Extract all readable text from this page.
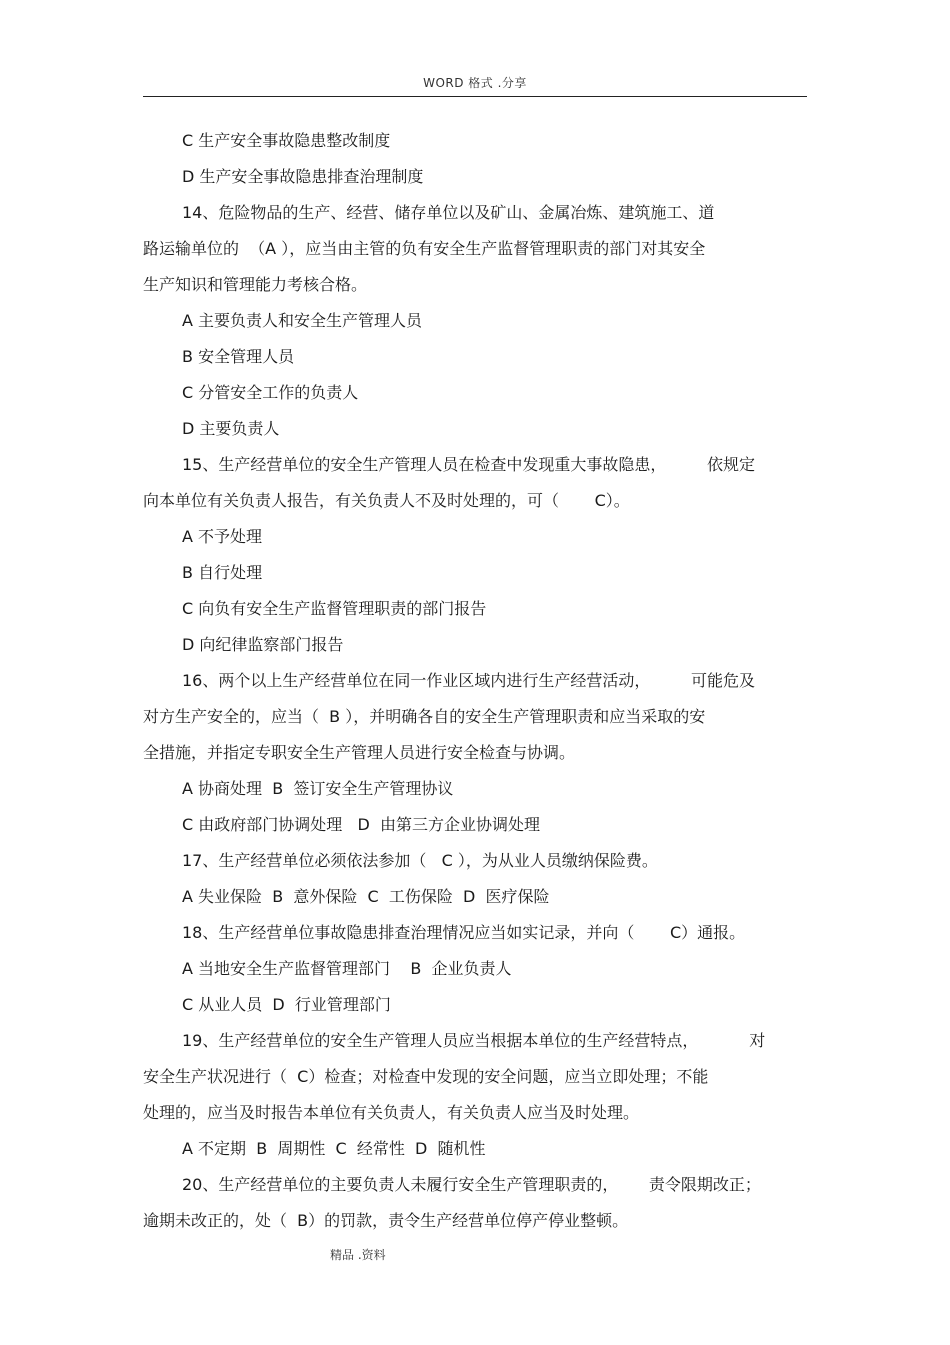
WORD 格式 .分享
C 生产安全事故隐患整改制度
D 生产安全事故隐患排查治理制度
14、危险物品的生产、经营、储存单位以及矿山、金属冶炼、建筑施工、道
路运输单位的  （A ），应当由主管的负有安全生产监督管理职责的部门对其安全
生产知识和管理能力考核合格。
A 主要负责人和安全生产管理人员
B 安全管理人员
C 分管安全工作的负责人
D 主要负责人
15、生产经营单位的安全生产管理人员在检查中发现重大事故隐患，        依规定
向本单位有关负责人报告，有关负责人不及时处理的，可（       C）。
A 不予处理
B 自行处理
C 向负有安全生产监督管理职责的部门报告
D 向纪律监察部门报告
16、两个以上生产经营单位在同一作业区域内进行生产经营活动，        可能危及
对方生产安全的，应当（  B ），并明确各自的安全生产管理职责和应当采取的安
全措施，并指定专职安全生产管理人员进行安全检查与协调。
A 协商处理  B  签订安全生产管理协议
C 由政府部门协调处理   D  由第三方企业协调处理
17、生产经营单位必须依法参加（   C ），为从业人员缴纳保险费。
A 失业保险  B  意外保险  C  工伤保险  D  医疗保险
18、生产经营单位事故隐患排查治理情况应当如实记录，并向（       C）通报。
A 当地安全生产监督管理部门    B  企业负责人
C 从业人员  D  行业管理部门
19、生产经营单位的安全生产管理人员应当根据本单位的生产经营特点，          对
安全生产状况进行（  C）检查；对检查中发现的安全问题，应当立即处理；不能
处理的，应当及时报告本单位有关负责人，有关负责人应当及时处理。
A 不定期  B  周期性  C  经常性  D  随机性
20、生产经营单位的主要负责人未履行安全生产管理职责的，      责令限期改正；
逾期未改正的，处（  B）的罚款，责令生产经营单位停产停业整顿。
精品 .资料
